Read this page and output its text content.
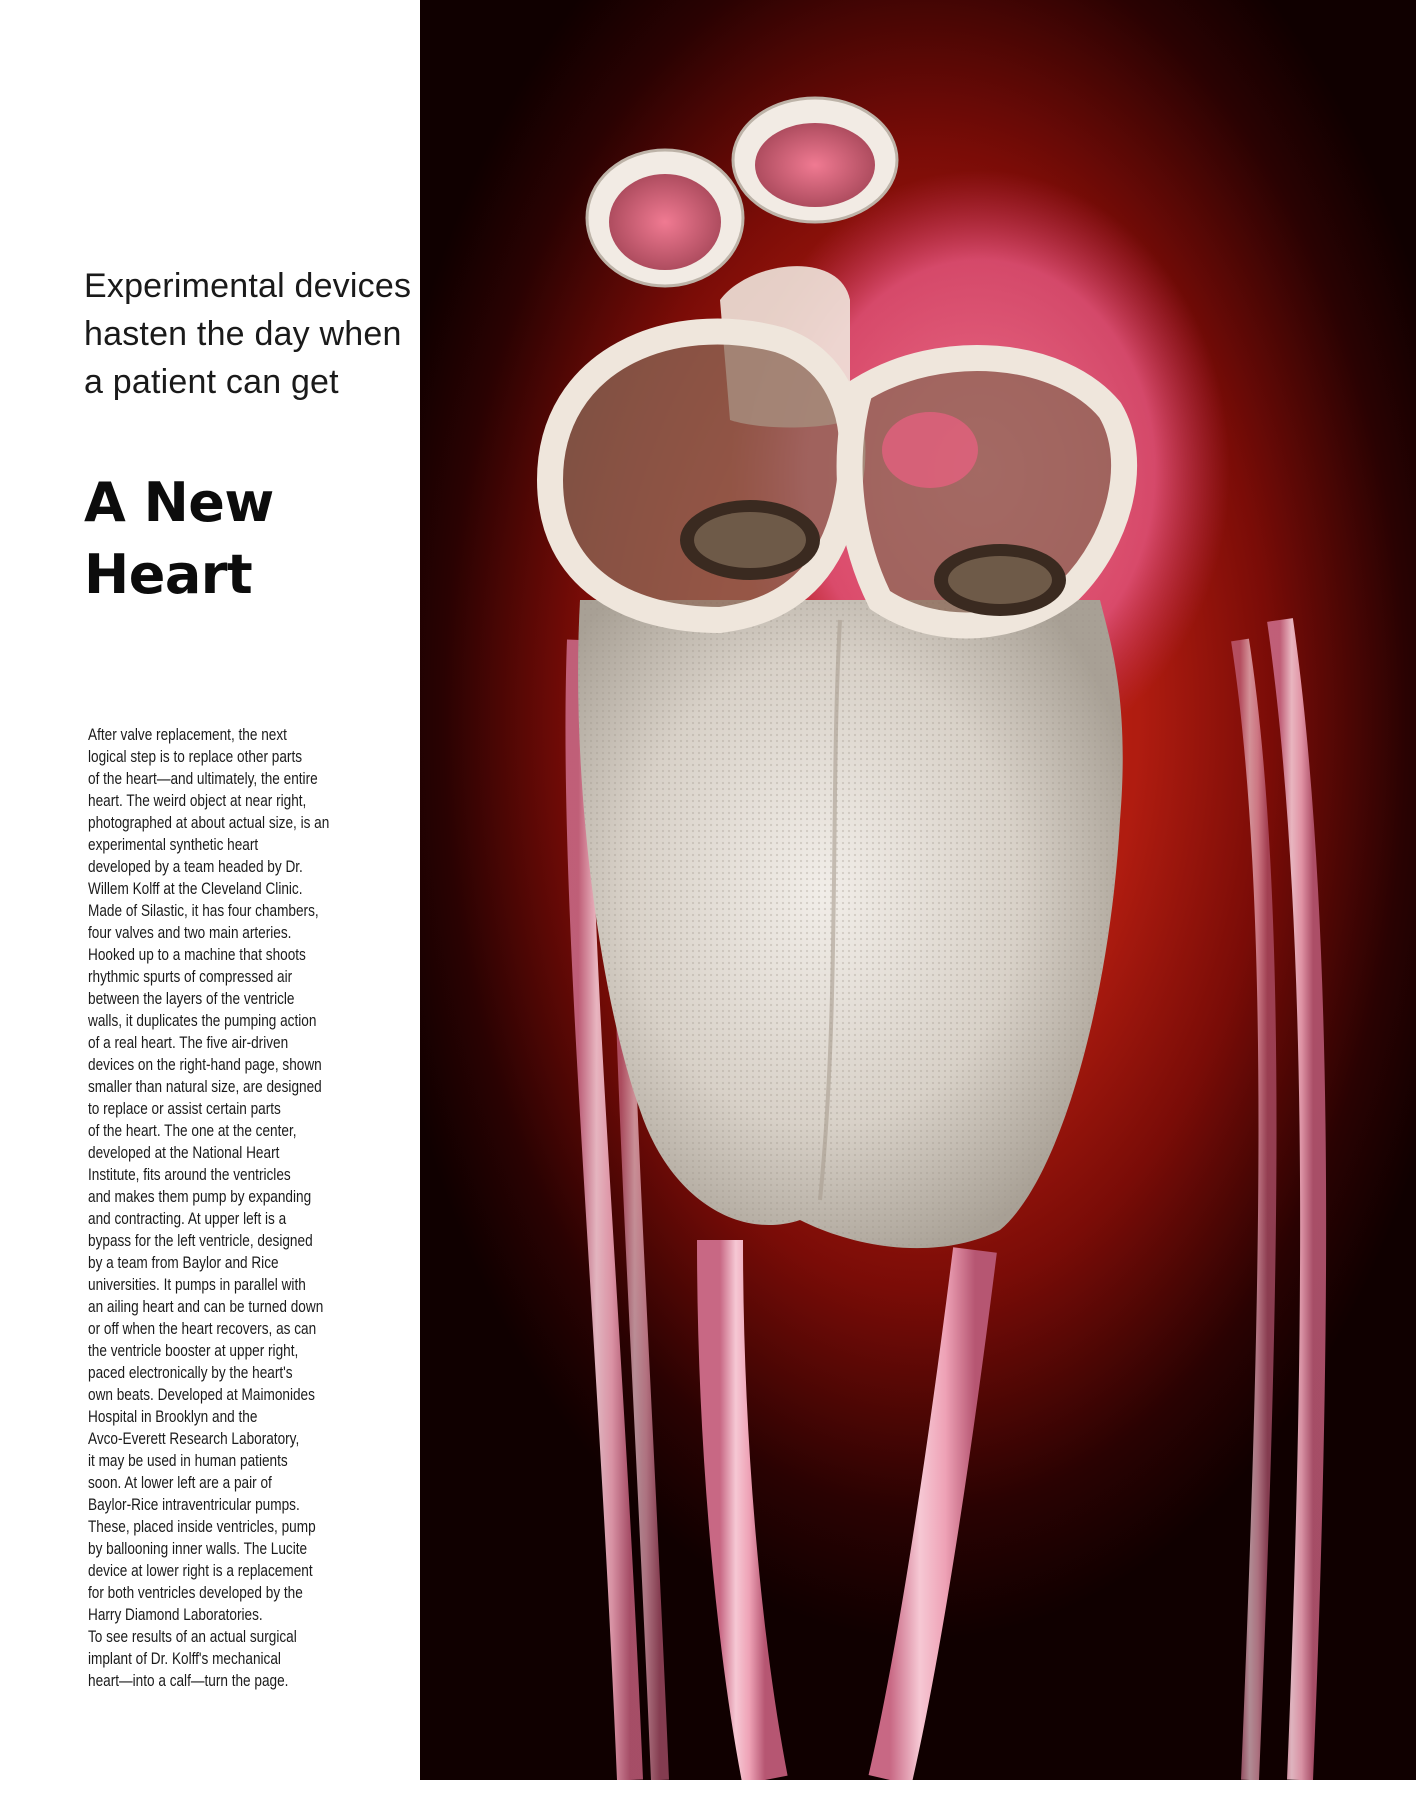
Experimental devices hasten the day when a patient can get
A New Heart
After valve replacement, the next
logical step is to replace other parts
of the heart—and ultimately, the entire
heart. The weird object at near right,
photographed at about actual size, is an
experimental synthetic heart
developed by a team headed by Dr.
Willem Kolff at the Cleveland Clinic.
Made of Silastic, it has four chambers,
four valves and two main arteries.
Hooked up to a machine that shoots
rhythmic spurts of compressed air
between the layers of the ventricle
walls, it duplicates the pumping action
of a real heart. The five air-driven
devices on the right-hand page, shown
smaller than natural size, are designed
to replace or assist certain parts
of the heart. The one at the center,
developed at the National Heart
Institute, fits around the ventricles
and makes them pump by expanding
and contracting. At upper left is a
bypass for the left ventricle, designed
by a team from Baylor and Rice
universities. It pumps in parallel with
an ailing heart and can be turned down
or off when the heart recovers, as can
the ventricle booster at upper right,
paced electronically by the heart's
own beats. Developed at Maimonides
Hospital in Brooklyn and the
Avco-Everett Research Laboratory,
it may be used in human patients
soon. At lower left are a pair of
Baylor-Rice intraventricular pumps.
These, placed inside ventricles, pump
by ballooning inner walls. The Lucite
device at lower right is a replacement
for both ventricles developed by the
Harry Diamond Laboratories.
To see results of an actual surgical
implant of Dr. Kolff's mechanical
heart—into a calf—turn the page.
